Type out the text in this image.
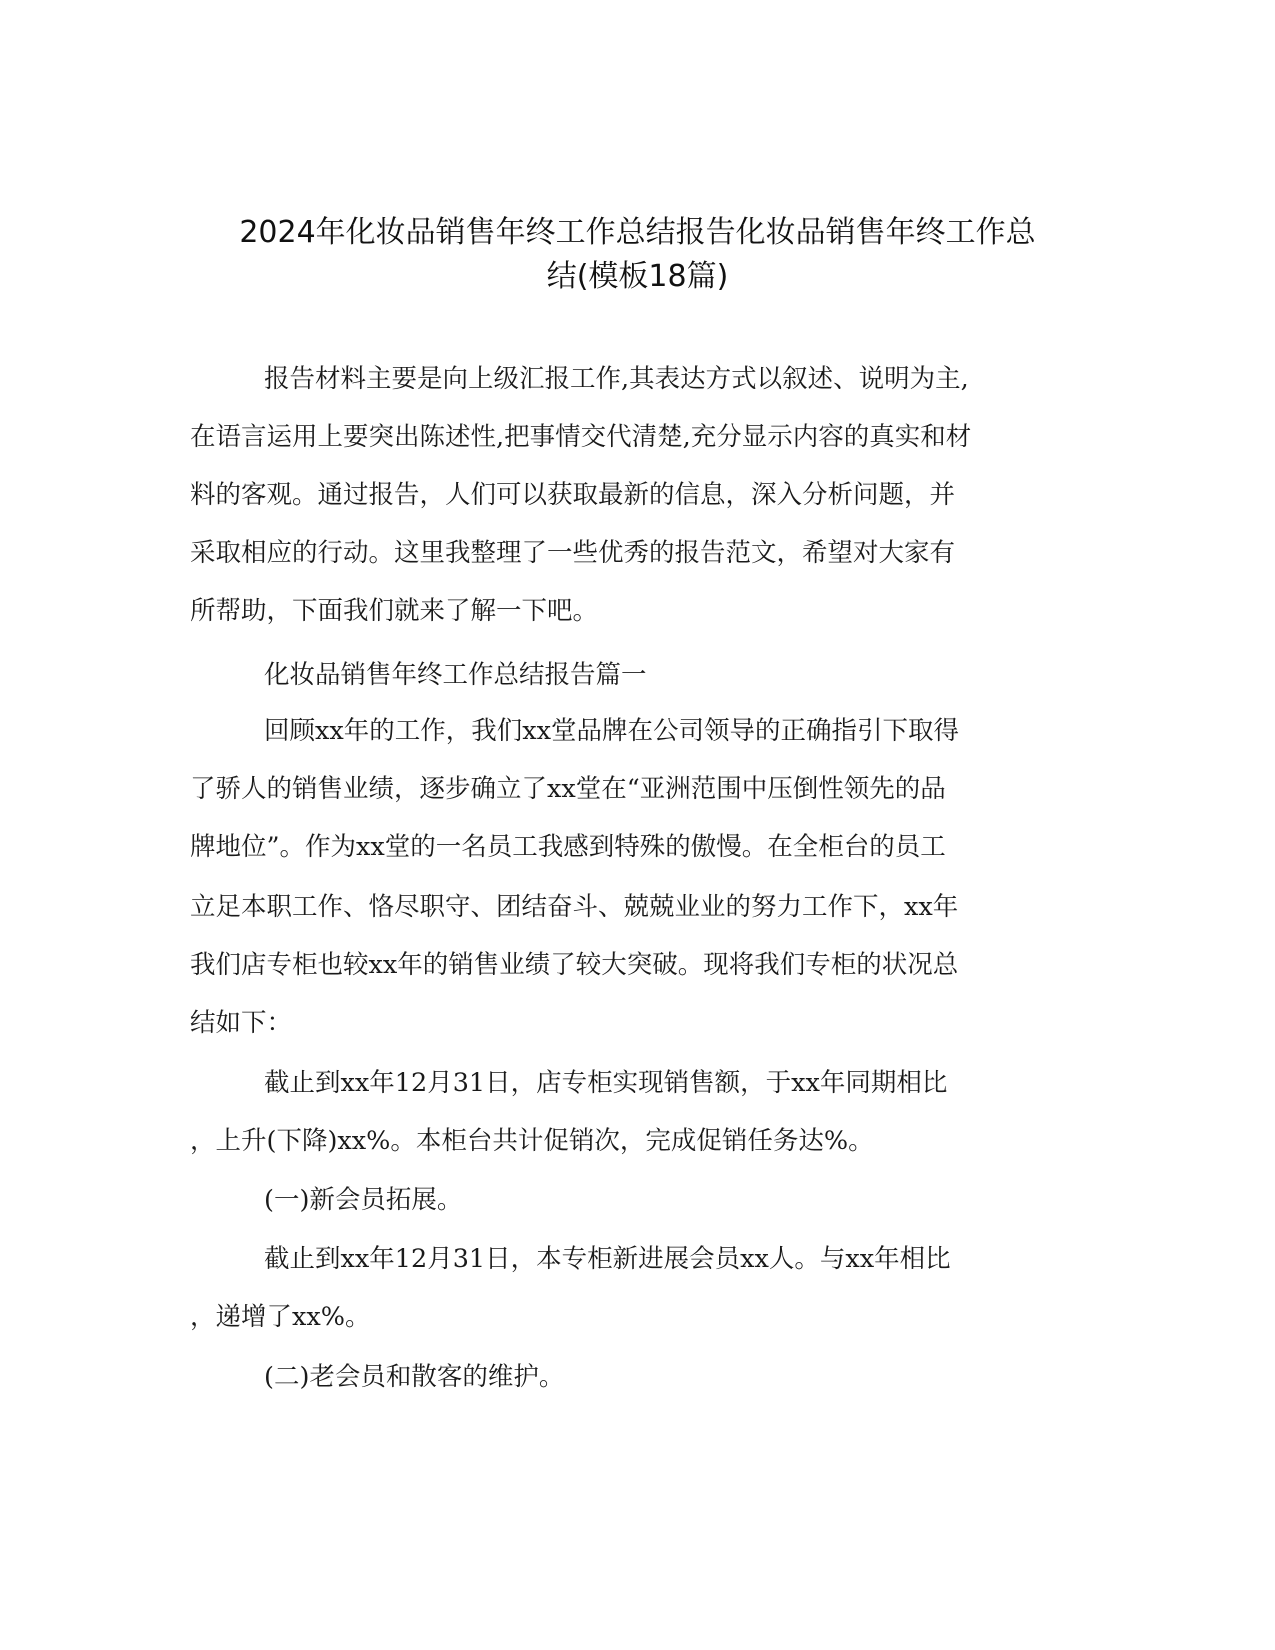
2024年化妆品销售年终工作总结报告化妆品销售年终工作总
结(模板18篇)

报告材料主要是向上级汇报工作,其表达方式以叙述、说明为主,

在语言运用上要突出陈述性,把事情交代清楚,充分显示内容的真实和材

料的客观。通过报告，人们可以获取最新的信息，深入分析问题，并

采取相应的行动。这里我整理了一些优秀的报告范文，希望对大家有

所帮助，下面我们就来了解一下吧。

化妆品销售年终工作总结报告篇一

回顾xx年的工作，我们xx堂品牌在公司领导的正确指引下取得

了骄人的销售业绩，逐步确立了xx堂在“亚洲范围中压倒性领先的品

牌地位”。作为xx堂的一名员工我感到特殊的傲慢。在全柜台的员工

立足本职工作、恪尽职守、团结奋斗、兢兢业业的努力工作下，xx年

我们店专柜也较xx年的销售业绩了较大突破。现将我们专柜的状况总

结如下：

截止到xx年12月31日，店专柜实现销售额，于xx年同期相比

，上升(下降)xx%。本柜台共计促销次，完成促销任务达%。

(一)新会员拓展。

截止到xx年12月31日，本专柜新进展会员xx人。与xx年相比

，递增了xx%。

(二)老会员和散客的维护。
